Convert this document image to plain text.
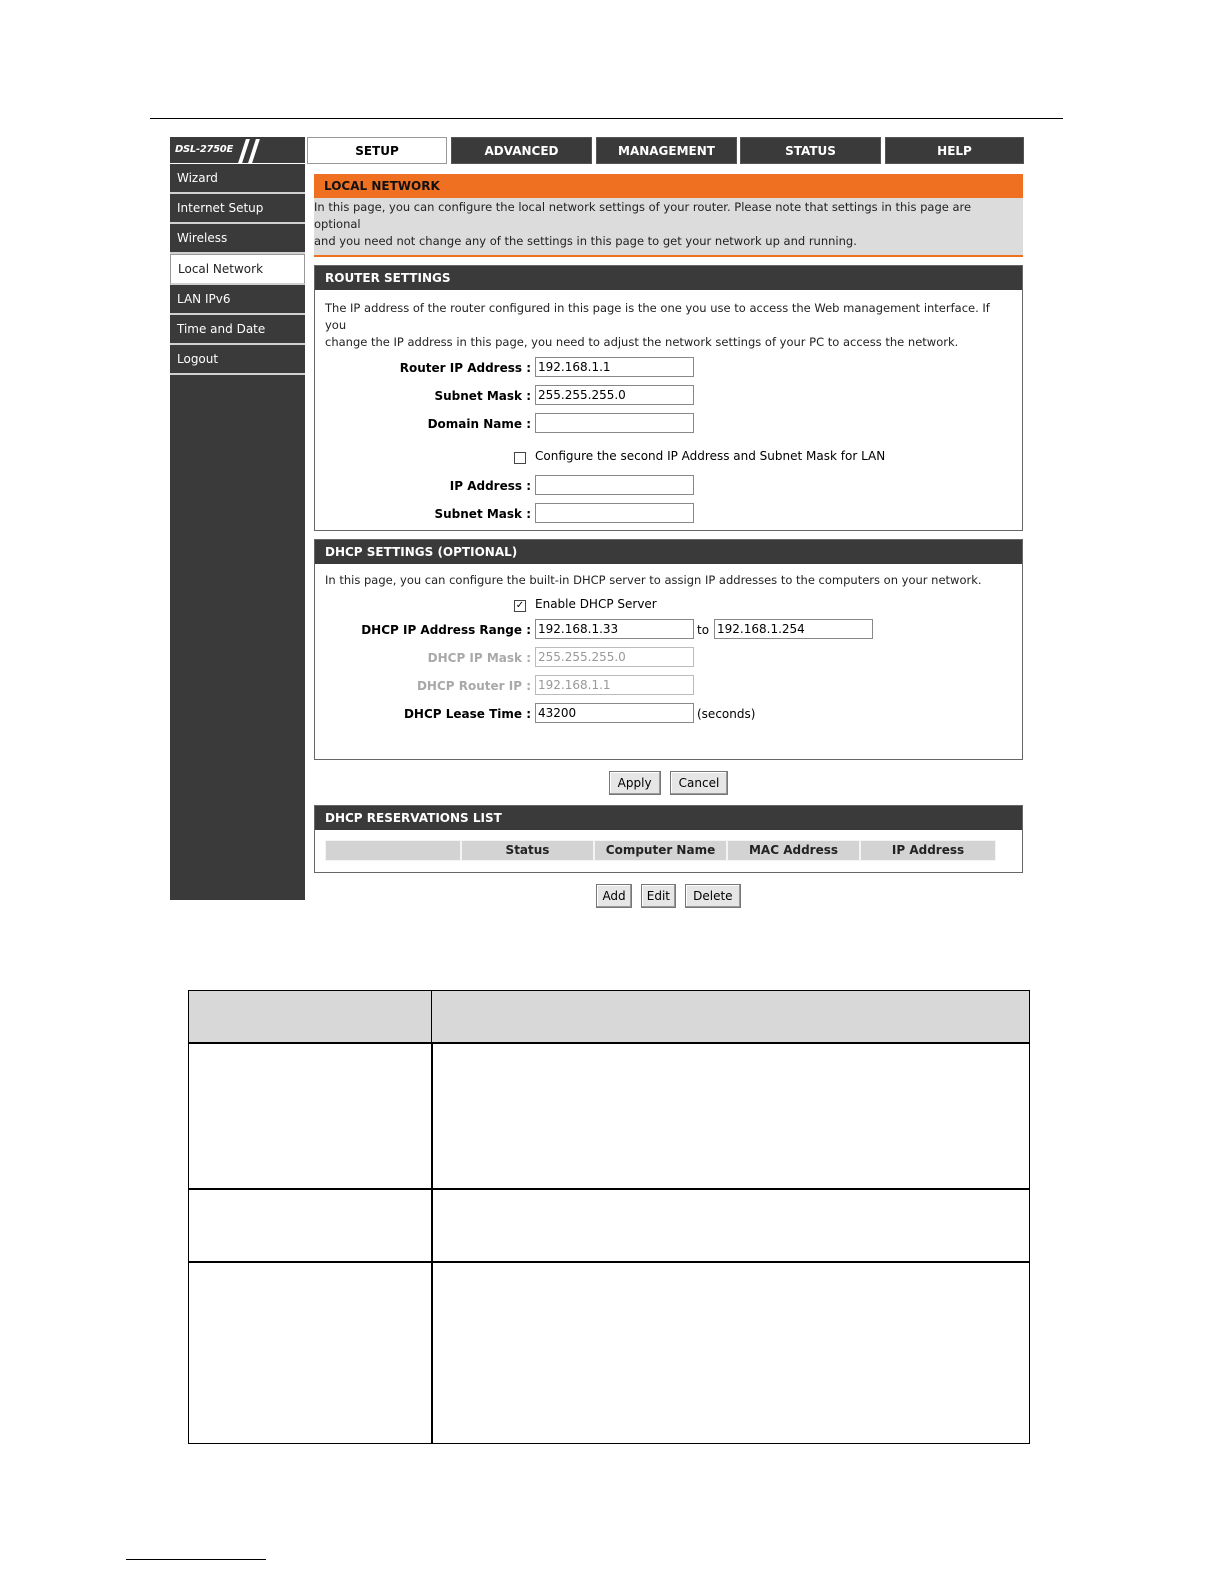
DSL-2750E	SETUP	ADVANCED	MANAGEMENT	STATUS	HELP
Wizard
Internet Setup
Wireless
Local Network
LAN IPv6
Time and Date
Logout
LOCAL NETWORK
In this page, you can configure the local network settings of your router. Please note that settings in this page are optional
and you need not change any of the settings in this page to get your network up and running.
ROUTER SETTINGS
The IP address of the router configured in this page is the one you use to access the Web management interface. If you
change the IP address in this page, you need to adjust the network settings of your PC to access the network.
Router IP Address : 192.168.1.1
Subnet Mask : 255.255.255.0
Domain Name :
Configure the second IP Address and Subnet Mask for LAN
IP Address :
Subnet Mask :
DHCP SETTINGS (OPTIONAL)
In this page, you can configure the built-in DHCP server to assign IP addresses to the computers on your network.
✓ Enable DHCP Server
DHCP IP Address Range : 192.168.1.33	to 192.168.1.254
DHCP IP Mask : 255.255.255.0
DHCP Router IP : 192.168.1.1
DHCP Lease Time : 43200	(seconds)
Apply Cancel
DHCP RESERVATIONS LIST
Status	Computer Name	MAC Address	IP Address
Add Edit Delete
